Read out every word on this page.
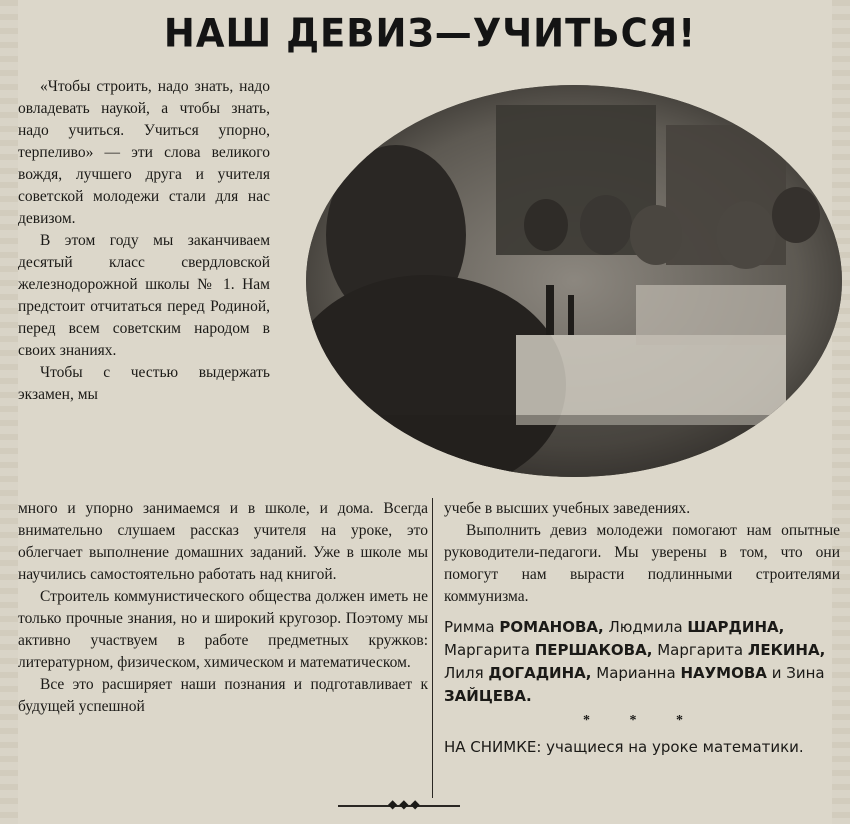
НАШ ДЕВИЗ—УЧИТЬСЯ!

«Чтобы строить, надо знать, надо овладевать наукой, а чтобы знать, надо учиться. Учиться упорно, терпеливо» — эти слова великого вождя, лучшего друга и учителя советской молодежи стали для нас девизом.

В этом году мы заканчиваем десятый класс свердловской железнодорожной школы № 1. Нам предстоит отчитаться перед Родиной, перед всем советским народом в своих знаниях.

Чтобы с честью выдержать экзамен, мы

много и упорно занимаемся и в школе, и дома. Всегда внимательно слушаем рассказ учителя на уроке, это облегчает выполнение домашних заданий. Уже в школе мы научились самостоятельно работать над книгой.

Строитель коммунистического общества должен иметь не только прочные знания, но и широкий кругозор. Поэтому мы активно участвуем в работе предметных кружков: литературном, физическом, химическом и математическом.

Все это расширяет наши познания и подготавливает к будущей успешной

учебе в высших учебных заведениях.

Выполнить девиз молодежи помогают нам опытные руководители-педагоги. Мы уверены в том, что они помогут нам вырасти подлинными строителями коммунизма.

Римма РОМАНОВА, Людмила ШАРДИНА, Маргарита ПЕРШАКОВА, Маргарита ЛЕКИНА, Лиля ДОГАДИНА, Марианна НАУМОВА и Зина ЗАЙЦЕВА.
* * *
НА СНИМКЕ: учащиеся на уроке математики.
◆◆◆
